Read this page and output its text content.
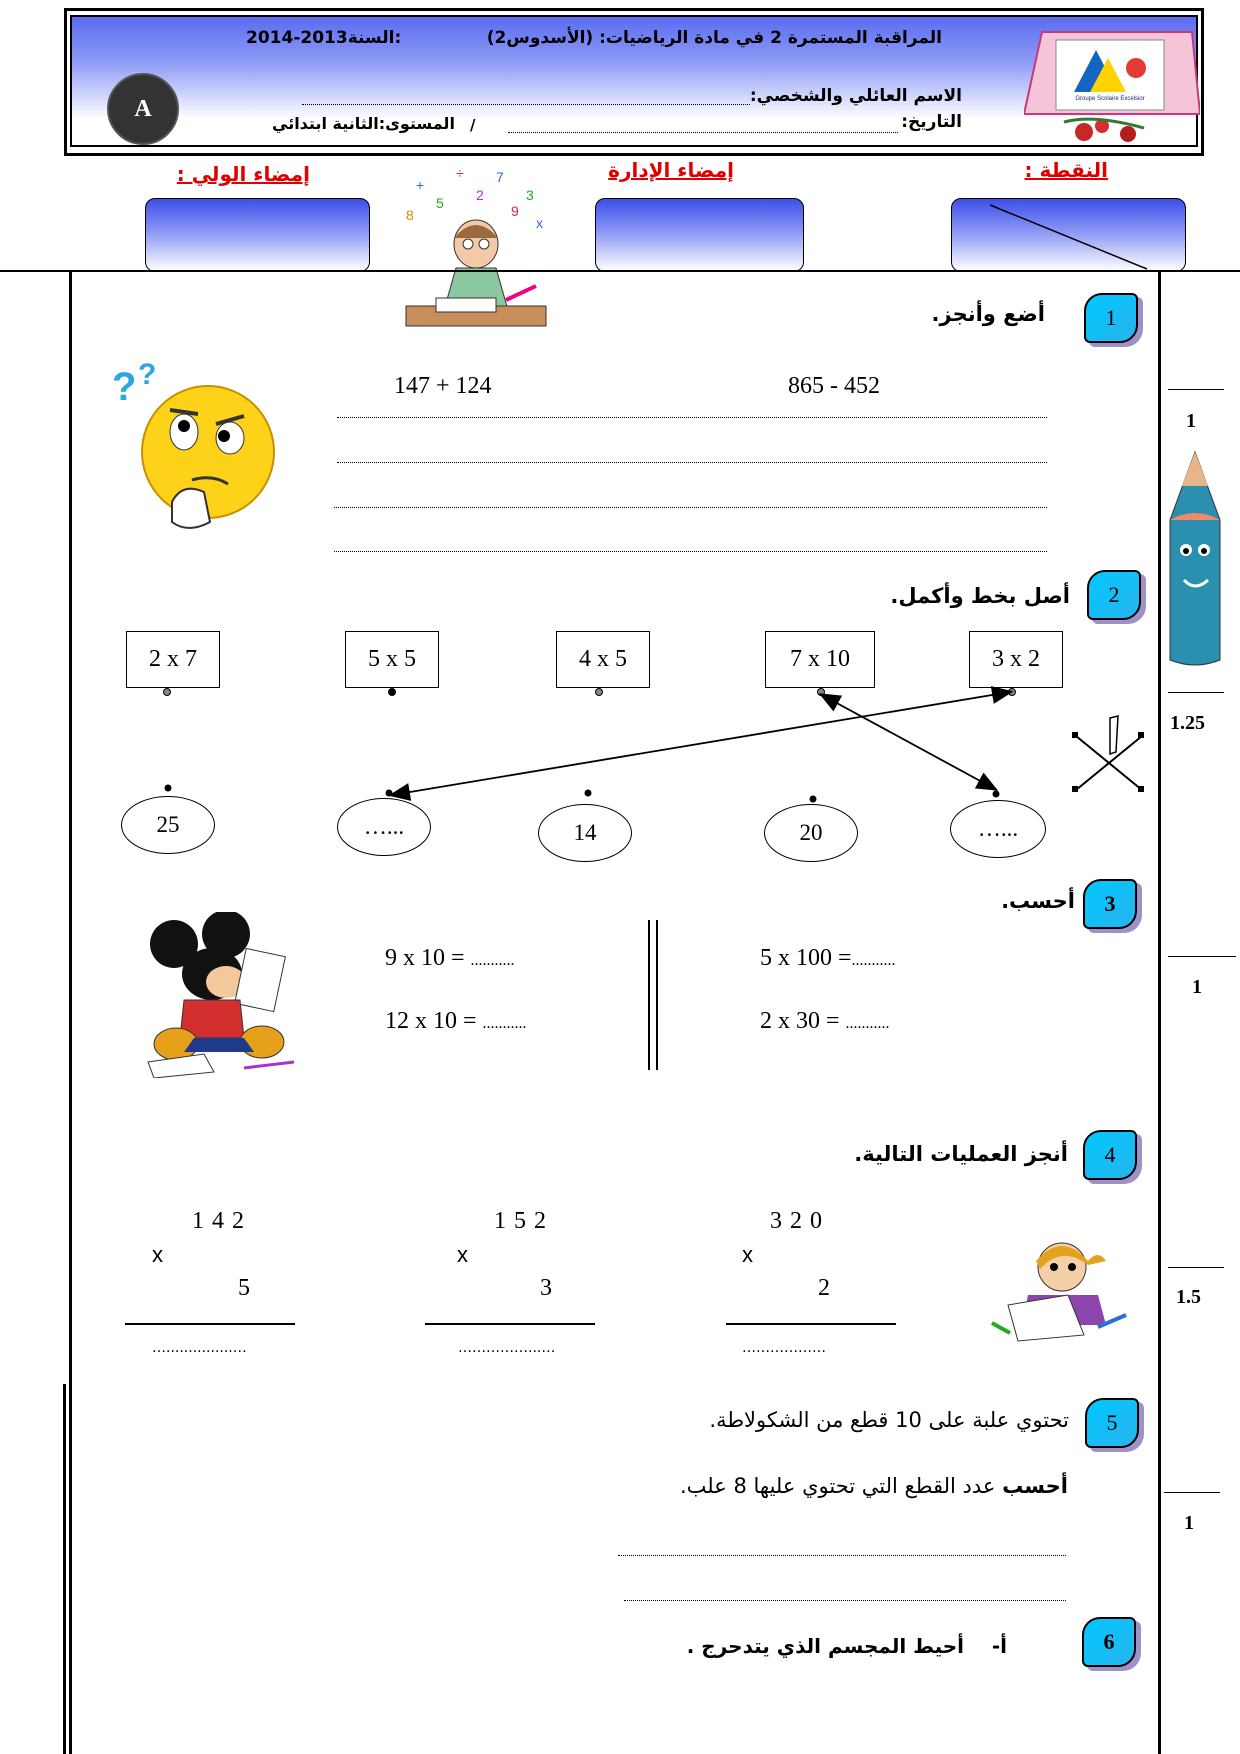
المراقبة المستمرة 2 في مادة الرياضيات: (الأسدوس2)
2014-2013السنة:
A	الاسم العائلي والشخصي:
التاريخ:
/
المستوى:الثانية ابتدائي
Groupe Scolaire Excelsior
النقطة :
إمضاء الإدارة
إمضاء الولي :	+
÷ 7
3
8	x
2
5	9
1
1.25
1
1.5
1
1
أضع وأنجز.
? ?	147 + 124	865 - 452
2
أصل بخط وأكمل.
2 x 7	5 x 5	4 x 5	7 x 10	3 x 2
25	…...	14	20	…...
3
أحسب.
9 x 10 = ...........
12 x 10 = ...........
5 x 100 =...........
2 x 30 = ...........
4
أنجز العمليات التالية.
1 4 2
x
5
…...............…
1 5 2
x
3
……………...…
3 2 0
x
2
………………
5
تحتوي علبة على 10 قطع من الشكولاطة.
أحسب عدد القطع التي تحتوي عليها 8 علب.
6
أ-
أحيط المجسم الذي يتدحرج .
